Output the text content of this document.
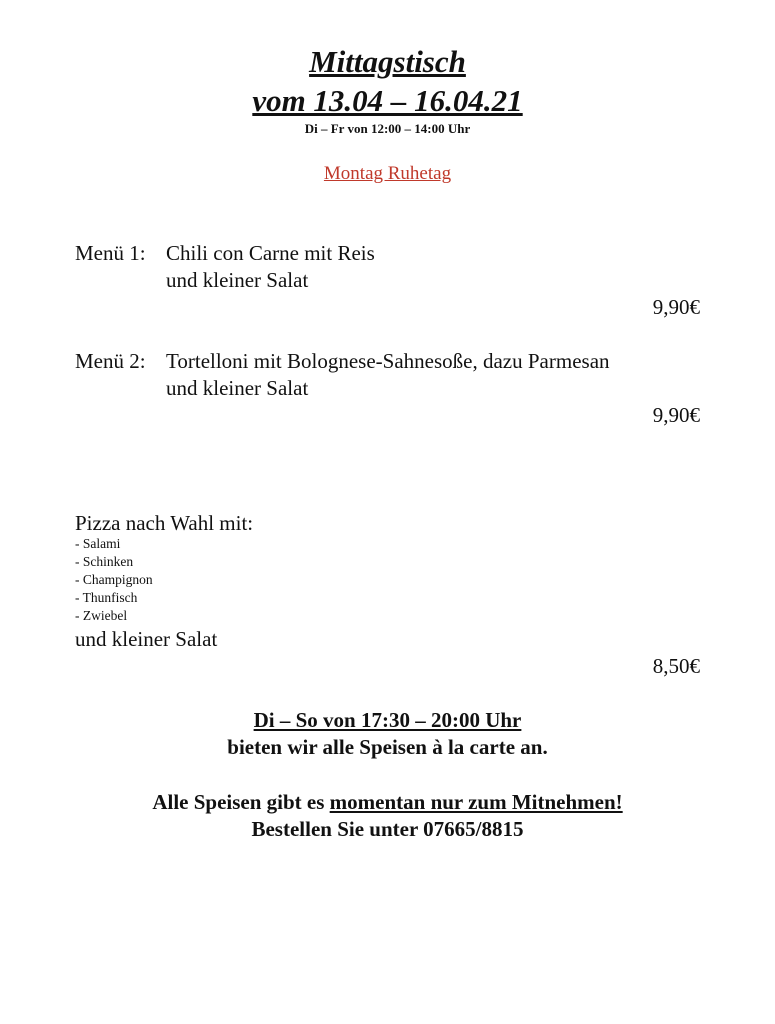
Mittagstisch
vom 13.04 – 16.04.21
Di – Fr von 12:00 – 14:00 Uhr
Montag Ruhetag
Menü 1: Chili con Carne mit Reis
und kleiner Salat
9,90€
Menü 2: Tortelloni mit Bolognese-Sahnesoße, dazu Parmesan
und kleiner Salat
9,90€
Pizza nach Wahl mit:
- Salami
- Schinken
- Champignon
- Thunfisch
- Zwiebel
und kleiner Salat
8,50€
Di – So von 17:30 – 20:00 Uhr
bieten wir alle Speisen à la carte an.
Alle Speisen gibt es momentan nur zum Mitnehmen!
Bestellen Sie unter 07665/8815
